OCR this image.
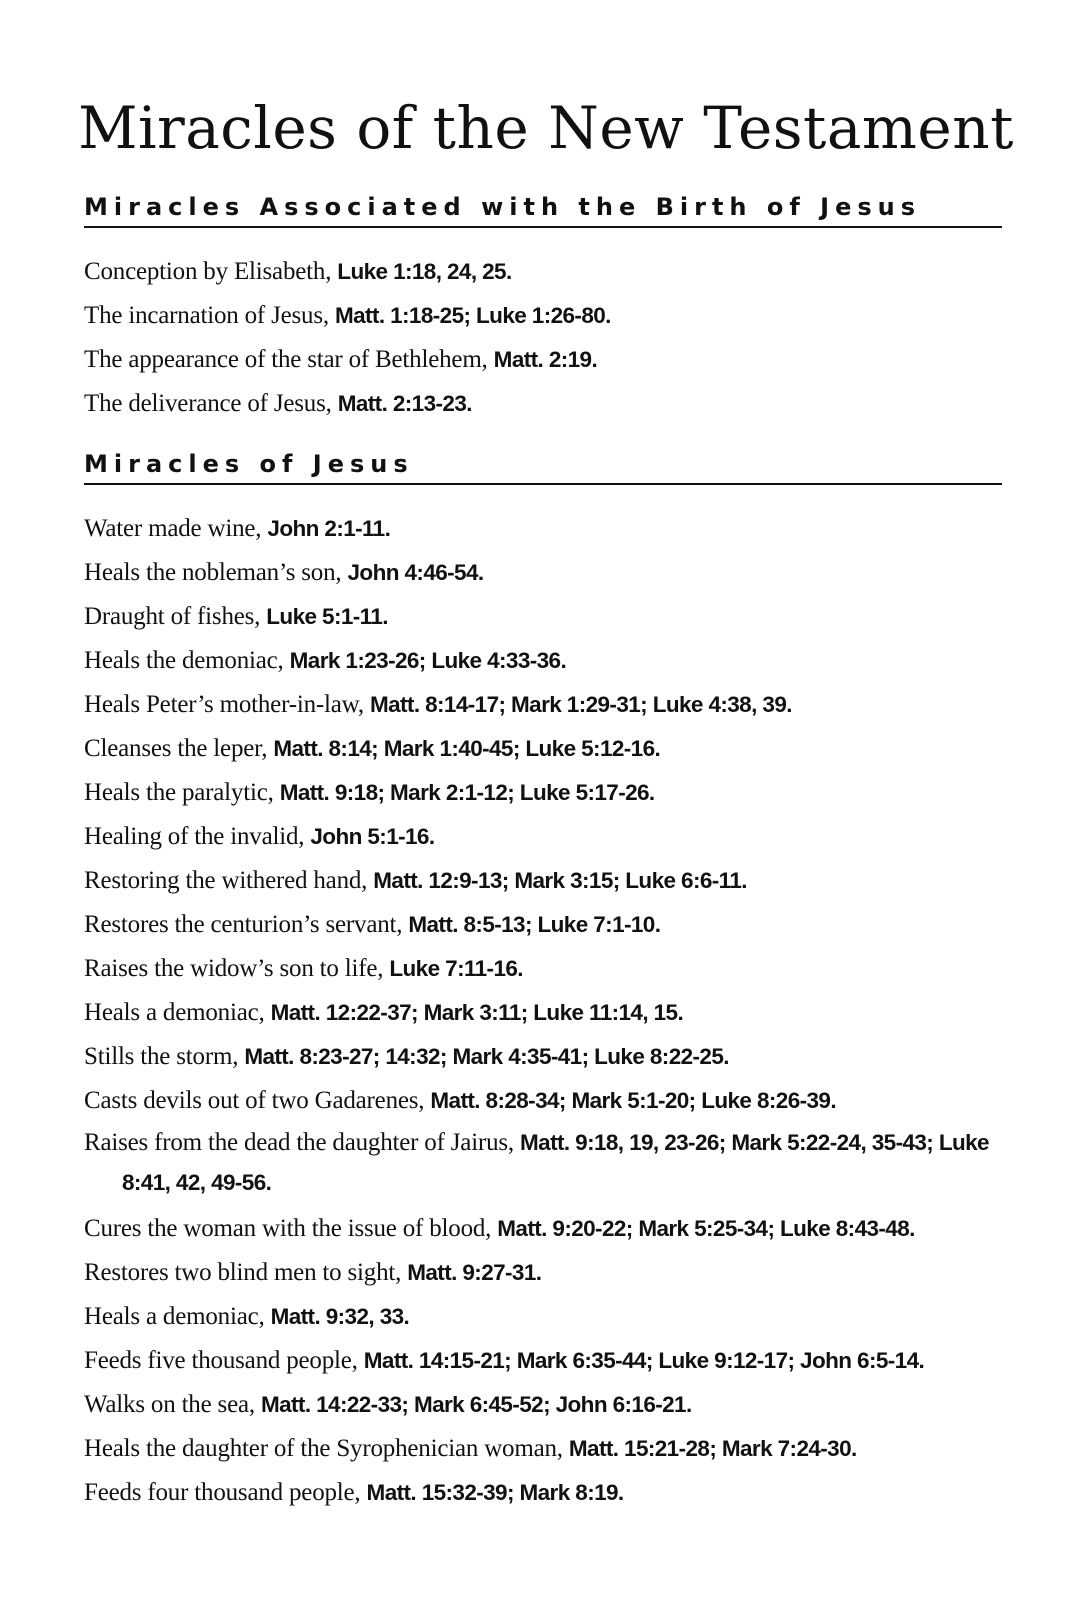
Miracles of the New Testament
Miracles Associated with the Birth of Jesus
Conception by Elisabeth, Luke 1:18, 24, 25.
The incarnation of Jesus, Matt. 1:18-25; Luke 1:26-80.
The appearance of the star of Bethlehem, Matt. 2:19.
The deliverance of Jesus, Matt. 2:13-23.
Miracles of Jesus
Water made wine, John 2:1-11.
Heals the nobleman’s son, John 4:46-54.
Draught of fishes, Luke 5:1-11.
Heals the demoniac, Mark 1:23-26; Luke 4:33-36.
Heals Peter’s mother-in-law, Matt. 8:14-17; Mark 1:29-31; Luke 4:38, 39.
Cleanses the leper, Matt. 8:14; Mark 1:40-45; Luke 5:12-16.
Heals the paralytic, Matt. 9:18; Mark 2:1-12; Luke 5:17-26.
Healing of the invalid, John 5:1-16.
Restoring the withered hand, Matt. 12:9-13; Mark 3:15; Luke 6:6-11.
Restores the centurion’s servant, Matt. 8:5-13; Luke 7:1-10.
Raises the widow’s son to life, Luke 7:11-16.
Heals a demoniac, Matt. 12:22-37; Mark 3:11; Luke 11:14, 15.
Stills the storm, Matt. 8:23-27; 14:32; Mark 4:35-41; Luke 8:22-25.
Casts devils out of two Gadarenes, Matt. 8:28-34; Mark 5:1-20; Luke 8:26-39.
Raises from the dead the daughter of Jairus, Matt. 9:18, 19, 23-26; Mark 5:22-24, 35-43; Luke 8:41, 42, 49-56.
Cures the woman with the issue of blood, Matt. 9:20-22; Mark 5:25-34; Luke 8:43-48.
Restores two blind men to sight, Matt. 9:27-31.
Heals a demoniac, Matt. 9:32, 33.
Feeds five thousand people, Matt. 14:15-21; Mark 6:35-44; Luke 9:12-17; John 6:5-14.
Walks on the sea, Matt. 14:22-33; Mark 6:45-52; John 6:16-21.
Heals the daughter of the Syrophenician woman, Matt. 15:21-28; Mark 7:24-30.
Feeds four thousand people, Matt. 15:32-39; Mark 8:19.
